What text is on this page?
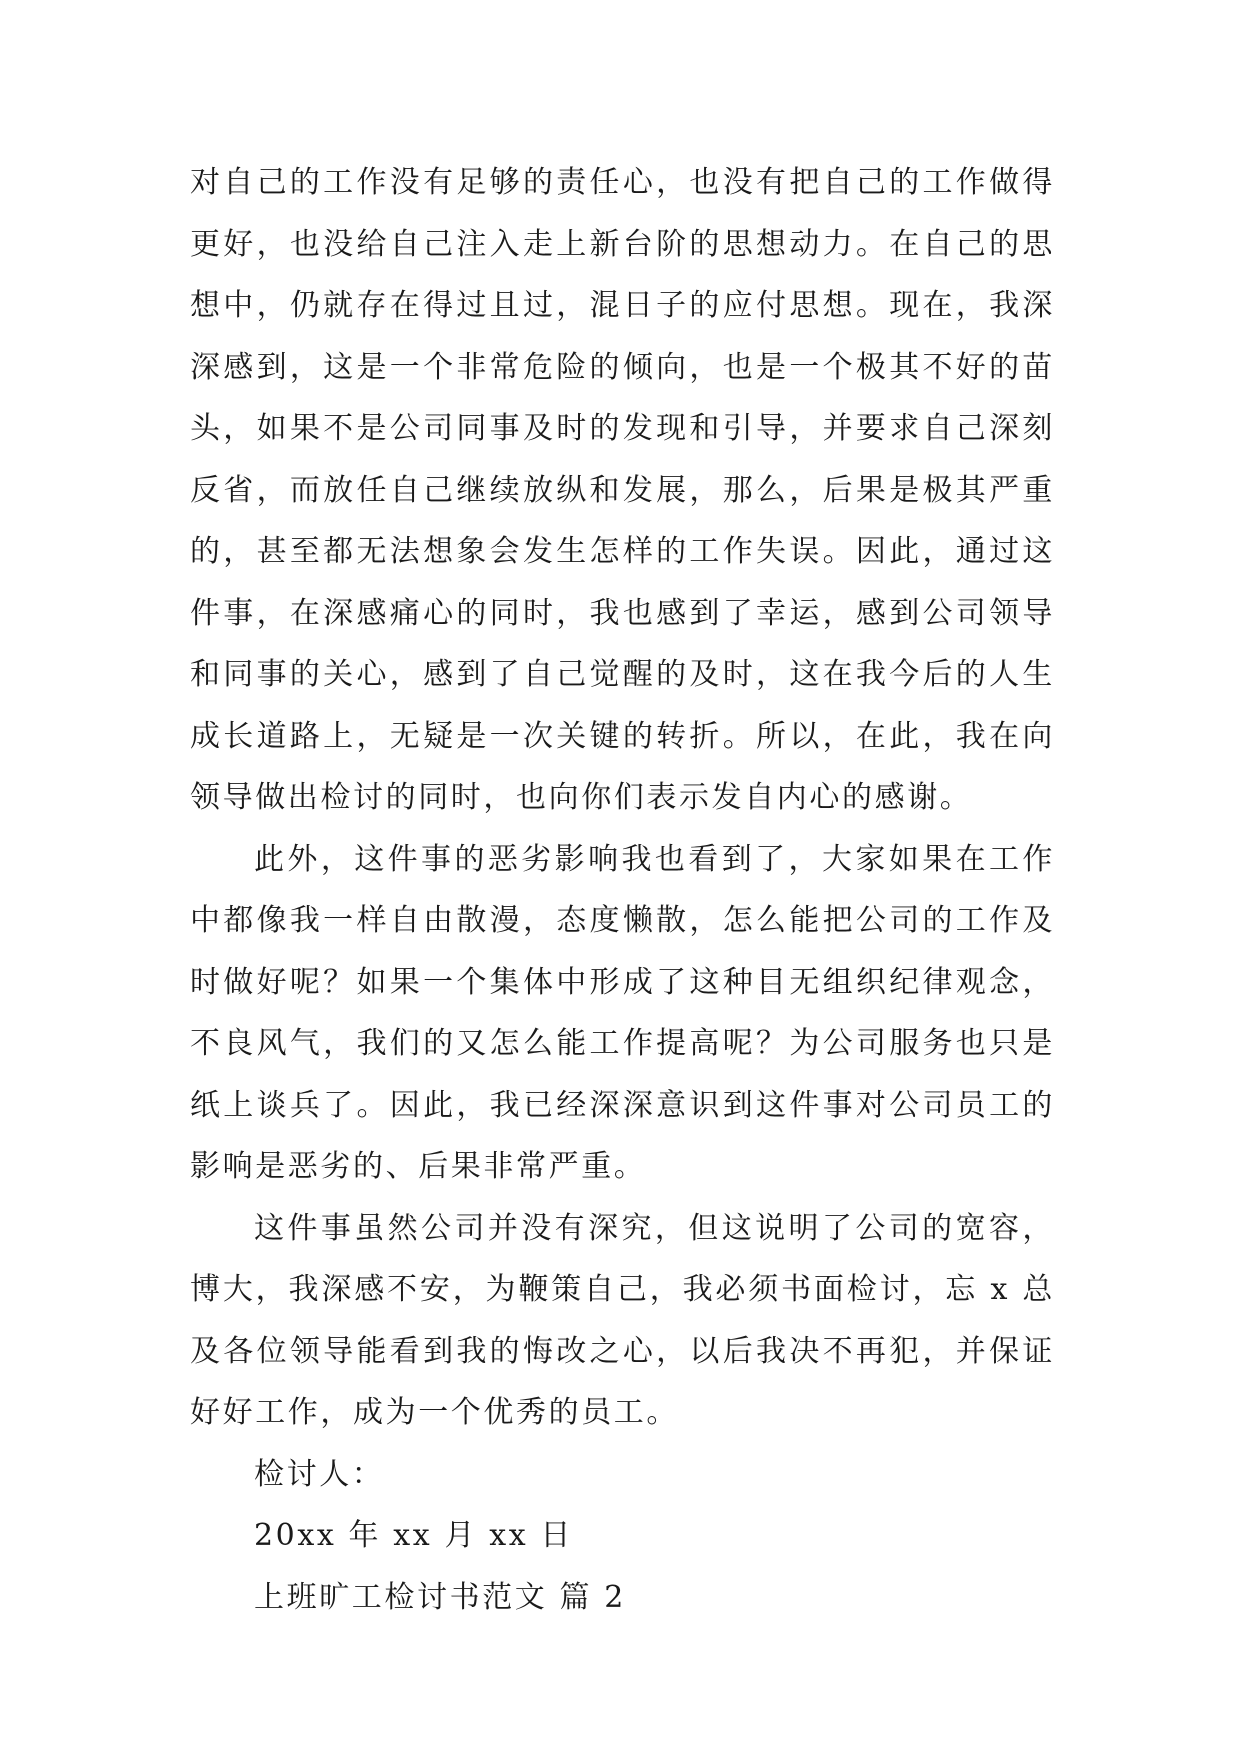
对自己的工作没有足够的责任心，也没有把自己的工作做得更好，也没给自己注入走上新台阶的思想动力。在自己的思想中，仍就存在得过且过，混日子的应付思想。现在，我深深感到，这是一个非常危险的倾向，也是一个极其不好的苗头，如果不是公司同事及时的发现和引导，并要求自己深刻反省，而放任自己继续放纵和发展，那么，后果是极其严重的，甚至都无法想象会发生怎样的工作失误。因此，通过这件事，在深感痛心的同时，我也感到了幸运，感到公司领导和同事的关心，感到了自己觉醒的及时，这在我今后的人生成长道路上，无疑是一次关键的转折。所以，在此，我在向领导做出检讨的同时，也向你们表示发自内心的感谢。

此外，这件事的恶劣影响我也看到了，大家如果在工作中都像我一样自由散漫，态度懒散，怎么能把公司的工作及时做好呢？如果一个集体中形成了这种目无组织纪律观念，不良风气，我们的又怎么能工作提高呢？为公司服务也只是纸上谈兵了。因此，我已经深深意识到这件事对公司员工的影响是恶劣的、后果非常严重。

这件事虽然公司并没有深究，但这说明了公司的宽容，博大，我深感不安，为鞭策自己，我必须书面检讨，忘 x 总及各位领导能看到我的悔改之心，以后我决不再犯，并保证好好工作，成为一个优秀的员工。

检讨人：

20xx 年 xx 月 xx 日

上班旷工检讨书范文 篇 2
